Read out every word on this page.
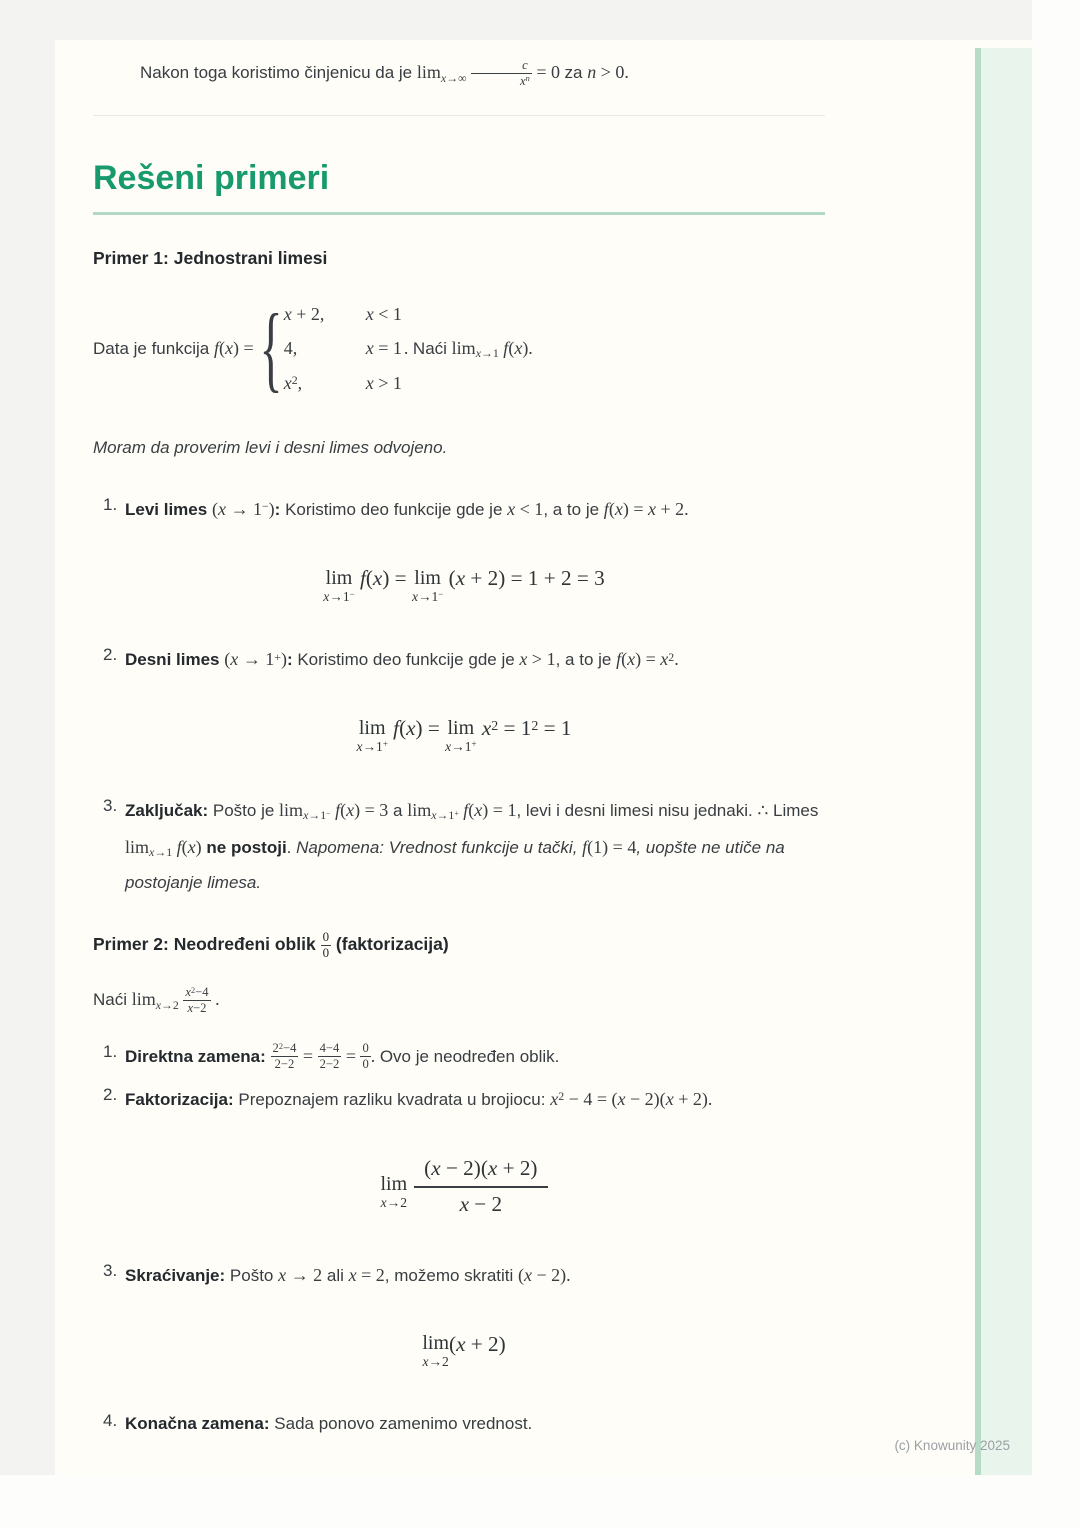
Nakon toga koristimo činjenicu da je $\lim x\to\infty \frac{c}{x^n} = 0$ za n > 0.

Rešeni primeri
Primer 1: Jednostrani limesi
Data je funkcija f(x) = { x + 2,	x < 1
4,	x = 1
$x^2$,	x > 1
. Naći limx→1 f(x).

Moram da proverim levi i desni limes odvojeno.

1. Levi limes (x → 1−): Koristimo deo funkcije gde je x < 1, a to je f(x) = x + 2.
lim
x→1−
f(x) = lim
x→1−
(x + 2) = 1 + 2 = 3
2. Desni limes (x → 1+): Koristimo deo funkcije gde je x > 1, a to je $f(x) = x^2$.
lim
x→1+
f(x) = lim
x→1+
$x^2 = 1^2 = 1$
3. Zaključak: Pošto je limx→1− f(x) = 3 a limx→1+ f(x) = 1, levi i desni limesi nisu jednaki. ∴ Limes limx→1 f(x) ne postoji. Napomena: Vrednost funkcije u tački, f(1) = 4, uopšte ne utiče na postojanje limesa.
Primer 2: Neodređeni oblik $\frac{0}{0}$ (faktorizacija)

Naći $\lim x\to 2 \frac{x^2-4}{x-2}$ .

1. Direktna zamena: $\frac{2^2-4}{2-2} = \frac{4-4}{2-2} = \frac{0}{0}$ . Ovo je neodređen oblik.
2. Faktorizacija: Prepoznajem razliku kvadrata u brojiocu: $x^2 - 4 = (x - 2)(x + 2)$.
lim
$x\to 2 \frac{(x - 2)(x + 2)}{x - 2}$
3. Skraćivanje: Pošto x → 2 ali x = 2, možemo skratiti (x − 2).
lim
x→2
(x + 2)
4. Konačna zamena: Sada ponovo zamenimo vrednost.
(c) Knowunity 2025
